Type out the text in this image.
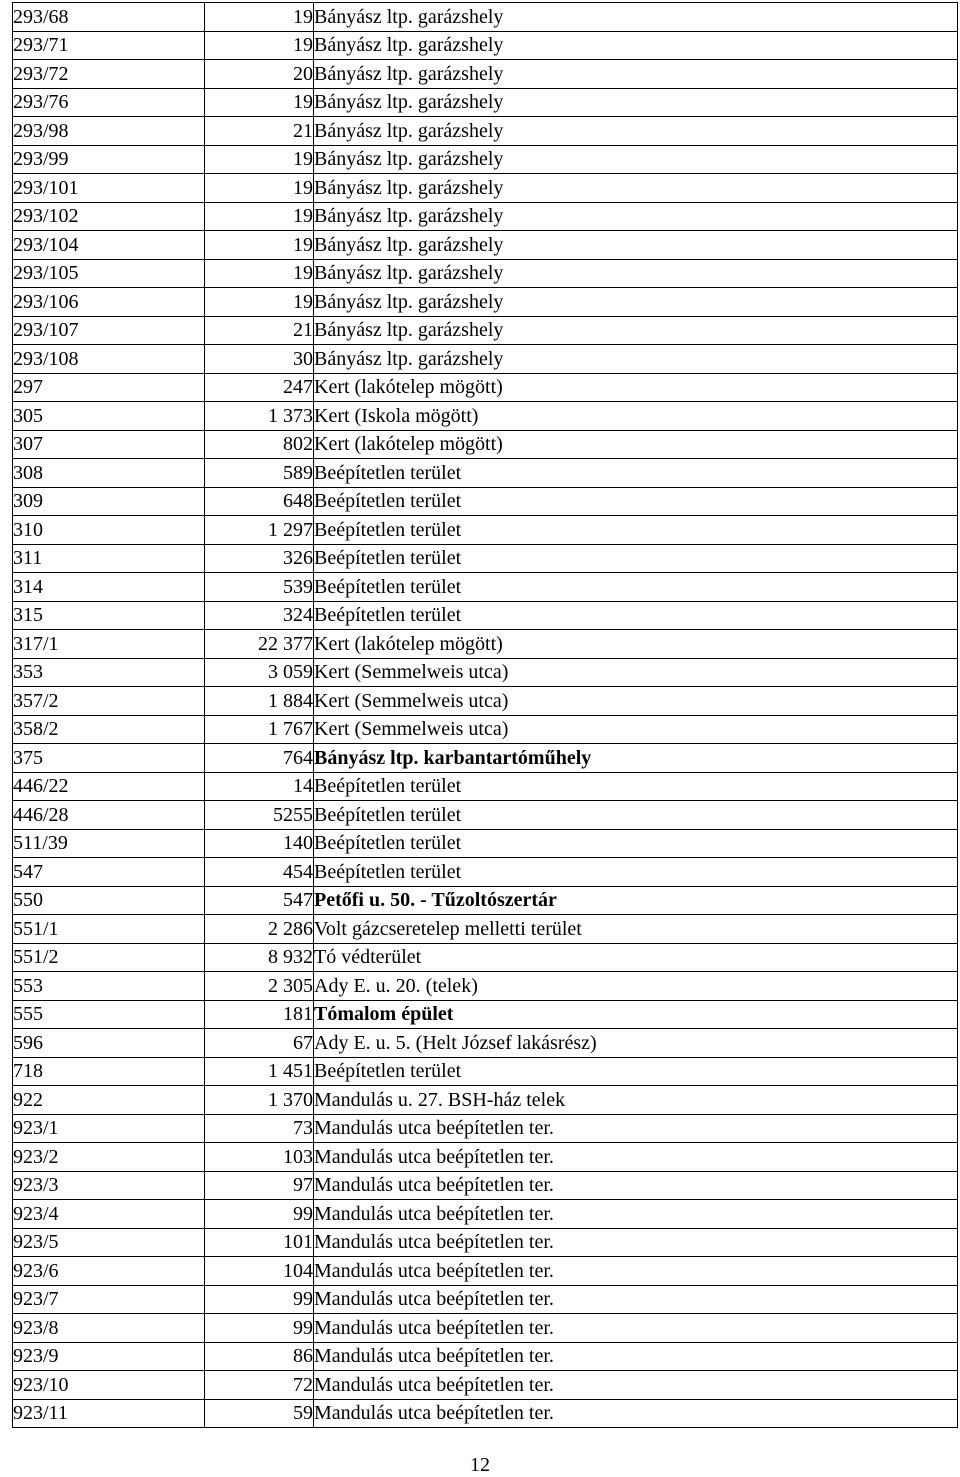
293/68	19	Bányász ltp. garázshely
293/71	19	Bányász ltp. garázshely
293/72	20	Bányász ltp. garázshely
293/76	19	Bányász ltp. garázshely
293/98	21	Bányász ltp. garázshely
293/99	19	Bányász ltp. garázshely
293/101	19	Bányász ltp. garázshely
293/102	19	Bányász ltp. garázshely
293/104	19	Bányász ltp. garázshely
293/105	19	Bányász ltp. garázshely
293/106	19	Bányász ltp. garázshely
293/107	21	Bányász ltp. garázshely
293/108	30	Bányász ltp. garázshely
297	247	Kert (lakótelep mögött)
305	1 373	Kert (Iskola mögött)
307	802	Kert (lakótelep mögött)
308	589	Beépítetlen terület
309	648	Beépítetlen terület
310	1 297	Beépítetlen terület
311	326	Beépítetlen terület
314	539	Beépítetlen terület
315	324	Beépítetlen terület
317/1	22 377	Kert (lakótelep mögött)
353	3 059	Kert (Semmelweis utca)
357/2	1 884	Kert (Semmelweis utca)
358/2	1 767	Kert (Semmelweis utca)
375	764	Bányász ltp. karbantartóműhely
446/22	14	Beépítetlen terület
446/28	5255	Beépítetlen terület
511/39	140	Beépítetlen terület
547	454	Beépítetlen terület
550	547	Petőfi u. 50. - Tűzoltószertár
551/1	2 286	Volt gázcseretelep melletti terület
551/2	8 932	Tó védterület
553	2 305	Ady E. u. 20. (telek)
555	181	Tómalom épület
596	67	Ady E. u. 5. (Helt József lakásrész)
718	1 451	Beépítetlen terület
922	1 370	Mandulás u. 27. BSH-ház telek
923/1	73	Mandulás utca beépítetlen ter.
923/2	103	Mandulás utca beépítetlen ter.
923/3	97	Mandulás utca beépítetlen ter.
923/4	99	Mandulás utca beépítetlen ter.
923/5	101	Mandulás utca beépítetlen ter.
923/6	104	Mandulás utca beépítetlen ter.
923/7	99	Mandulás utca beépítetlen ter.
923/8	99	Mandulás utca beépítetlen ter.
923/9	86	Mandulás utca beépítetlen ter.
923/10	72	Mandulás utca beépítetlen ter.
923/11	59	Mandulás utca beépítetlen ter.
12
